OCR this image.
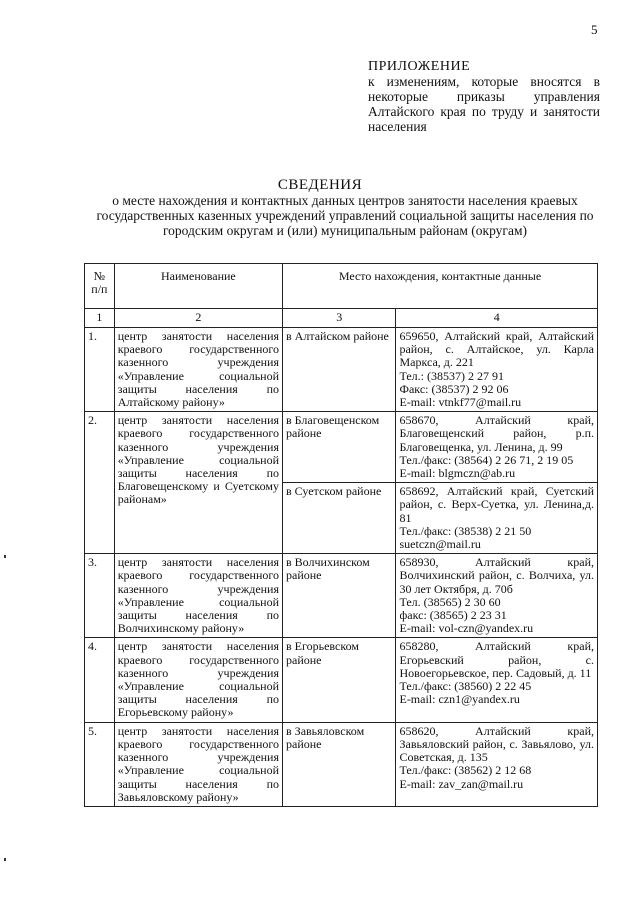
5
ПРИЛОЖЕНИЕ
к изменениям, которые вносятся в некоторые приказы управления Алтайского края по труду и занятости населения
СВЕДЕНИЯ
о месте нахождения и контактных данных центров занятости населения краевых государственных казенных учреждений управлений социальной защиты населения по городским округам и (или) муниципальным районам (округам)
№ п/п	Наименование	Место нахождения, контактные данные	
1	2	3	4
1.	центр занятости населения краевого государственного казенного учреждения «Управление социальной защиты населения по Алтайскому району»	в Алтайском районе	659650, Алтайский край, Алтайский район, с. Алтайское, ул. Карла Маркса, д. 221
Тел.: (38537) 2 27 91
Факс: (38537) 2 92 06
E-mail: vtnkf77@mail.ru

2.	центр занятости населения краевого государственного казенного учреждения «Управление социальной защиты населения по Благовещенскому и Суетскому районам»	в Благовещенском районе	658670, Алтайский край, Благовещенский район, р.п. Благовещенка, ул. Ленина, д. 99
Тел./факс: (38564) 2 26 71, 2 19 05
E-mail: blgmczn@ab.ru

		в Суетском районе	658692, Алтайский край, Суетский район, с. Верх-Суетка, ул. Ленина,д. 81
Тел./факс: (38538) 2 21 50
suetczn@mail.ru

3.	центр занятости населения краевого государственного казенного учреждения «Управление социальной защиты населения по Волчихинскому району»	в Волчихинском районе	658930, Алтайский край, Волчихинский район, с. Волчиха, ул. 30 лет Октября, д. 70б
Тел. (38565) 2 30 60
факс: (38565) 2 23 31
E-mail: vol-czn@yandex.ru

4.	центр занятости населения краевого государственного казенного учреждения «Управление социальной защиты населения по Егорьевскому району»	в Егорьевском районе	658280, Алтайский край, Егорьевский район, с. Новоегорьевское, пер. Садовый, д. 11
Тел./факс: (38560) 2 22 45
E-mail: czn1@yandex.ru

5.	центр занятости населения краевого государственного казенного учреждения «Управление социальной защиты населения по Завьяловскому району»	в Завьяловском районе	658620, Алтайский край, Завьяловский район, с. Завьялово, ул. Советская, д. 135
Тел./факс: (38562) 2 12 68
E-mail: zav_zan@mail.ru
